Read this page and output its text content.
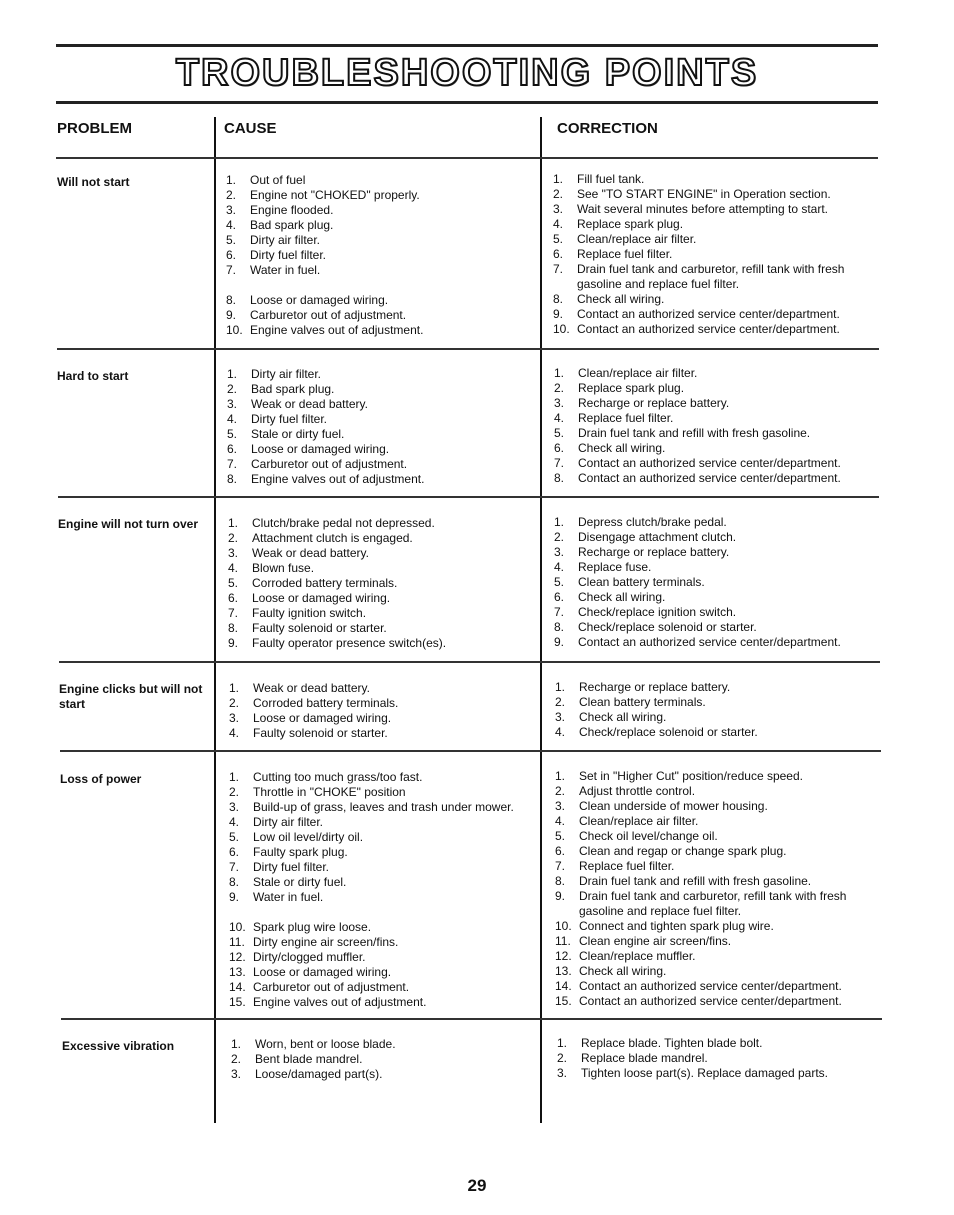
TROUBLESHOOTING POINTS
PROBLEM	CAUSE	CORRECTION
Will not start	1.	Out of fuel
2.	Engine not "CHOKED" properly.
3.	Engine flooded.
4.	Bad spark plug.
5.	Dirty air filter.
6.	Dirty fuel filter.
7.	Water in fuel.
8.	Loose or damaged wiring.
9.	Carburetor out of adjustment.
10. Engine valves out of adjustment.
1.	Fill fuel tank.
2.	See "TO START ENGINE" in Operation section.
3.	Wait several minutes before attempting to start.
4.	Replace spark plug.
5.	Clean/replace air filter.
6.	Replace fuel filter.
7.	Drain fuel tank and carburetor, refill tank with fresh gasoline and replace fuel filter.
8.	Check all wiring.
9.	Contact an authorized service center/department.
10. Contact an authorized service center/department.
Hard to start	1.	Dirty air filter.
2.	Bad spark plug.
3.	Weak or dead battery.
4.	Dirty fuel filter.
5.	Stale or dirty fuel.
6.	Loose or damaged wiring.
7.	Carburetor out of adjustment.
8.	Engine valves out of adjustment.
1.	Clean/replace air filter.
2.	Replace spark plug.
3.	Recharge or replace battery.
4.	Replace fuel filter.
5.	Drain fuel tank and refill with fresh gasoline.
6.	Check all wiring.
7.	Contact an authorized service center/department.
8.	Contact an authorized service center/department.
Engine will not turn over	1.	Clutch/brake pedal not depressed.
2.	Attachment clutch is engaged.
3.	Weak or dead battery.
4.	Blown fuse.
5.	Corroded battery terminals.
6.	Loose or damaged wiring.
7.	Faulty ignition switch.
8.	Faulty solenoid or starter.
9.	Faulty operator presence switch(es).
1.	Depress clutch/brake pedal.
2.	Disengage attachment clutch.
3.	Recharge or replace battery.
4.	Replace fuse.
5.	Clean battery terminals.
6.	Check all wiring.
7.	Check/replace ignition switch.
8.	Check/replace solenoid or starter.
9.	Contact an authorized service center/department.
Engine clicks but will not start
1.	Weak or dead battery.
2.	Corroded battery terminals.
3.	Loose or damaged wiring.
4.	Faulty solenoid or starter.
1.	Recharge or replace battery.
2.	Clean battery terminals.
3.	Check all wiring.
4.	Check/replace solenoid or starter.
Loss of power	1.	Cutting too much grass/too fast.
2.	Throttle in "CHOKE" position
3.	Build-up of grass, leaves and trash under mower.
4.	Dirty air filter.
5.	Low oil level/dirty oil.
6.	Faulty spark plug.
7.	Dirty fuel filter.
8.	Stale or dirty fuel.
9.	Water in fuel.
10. Spark plug wire loose.
11. Dirty engine air screen/fins.
12. Dirty/clogged muffler.
13. Loose or damaged wiring.
14. Carburetor out of adjustment.
15. Engine valves out of adjustment.
1.	Set in "Higher Cut" position/reduce speed.
2.	Adjust throttle control.
3.	Clean underside of mower housing.
4.	Clean/replace air filter.
5.	Check oil level/change oil.
6.	Clean and regap or change spark plug.
7.	Replace fuel filter.
8.	Drain fuel tank and refill with fresh gasoline.
9.	Drain fuel tank and carburetor, refill tank with fresh gasoline and replace fuel filter.
10. Connect and tighten spark plug wire.
11. Clean engine air screen/fins.
12. Clean/replace muffler.
13. Check all wiring.
14. Contact an authorized service center/department.
15. Contact an authorized service center/department.
Excessive vibration	1.	Worn, bent or loose blade.
2.	Bent blade mandrel.
3.	Loose/damaged part(s).
1.	Replace blade. Tighten blade bolt.
2.	Replace blade mandrel.
3.	Tighten loose part(s). Replace damaged parts.
29
